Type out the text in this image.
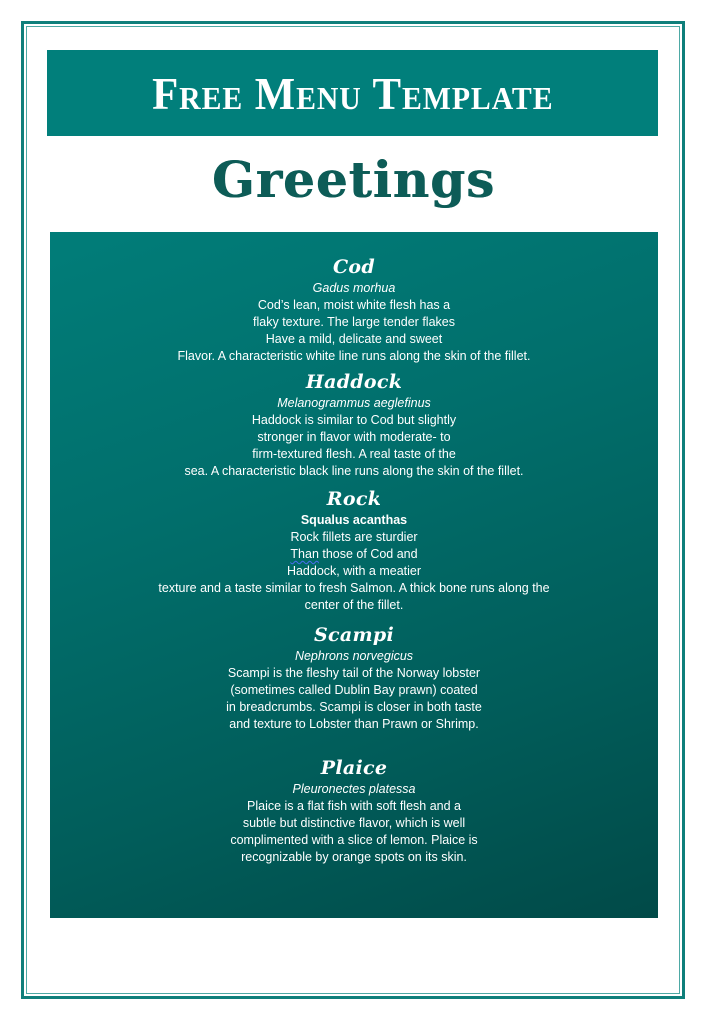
Free Menu Template
Greetings
Cod
Gadus morhua
Cod’s lean, moist white flesh has a
flaky texture. The large tender flakes
Have a mild, delicate and sweet
Flavor. A characteristic white line runs along the skin of the fillet.
Haddock
Melanogrammus aeglefinus
Haddock is similar to Cod but slightly
stronger in flavor with moderate- to
firm-textured flesh. A real taste of the
sea. A characteristic black line runs along the skin of the fillet.
Rock
Squalus acanthas
Rock fillets are sturdier
Than those of Cod and
Haddock, with a meatier
texture and a taste similar to fresh Salmon. A thick bone runs along the
center of the fillet.
Scampi
Nephrons norvegicus
Scampi is the fleshy tail of the Norway lobster
(sometimes called Dublin Bay prawn) coated
in breadcrumbs. Scampi is closer in both taste
and texture to Lobster than Prawn or Shrimp.
Plaice
Pleuronectes platessa
Plaice is a flat fish with soft flesh and a
subtle but distinctive flavor, which is well
complimented with a slice of lemon. Plaice is
recognizable by orange spots on its skin.
